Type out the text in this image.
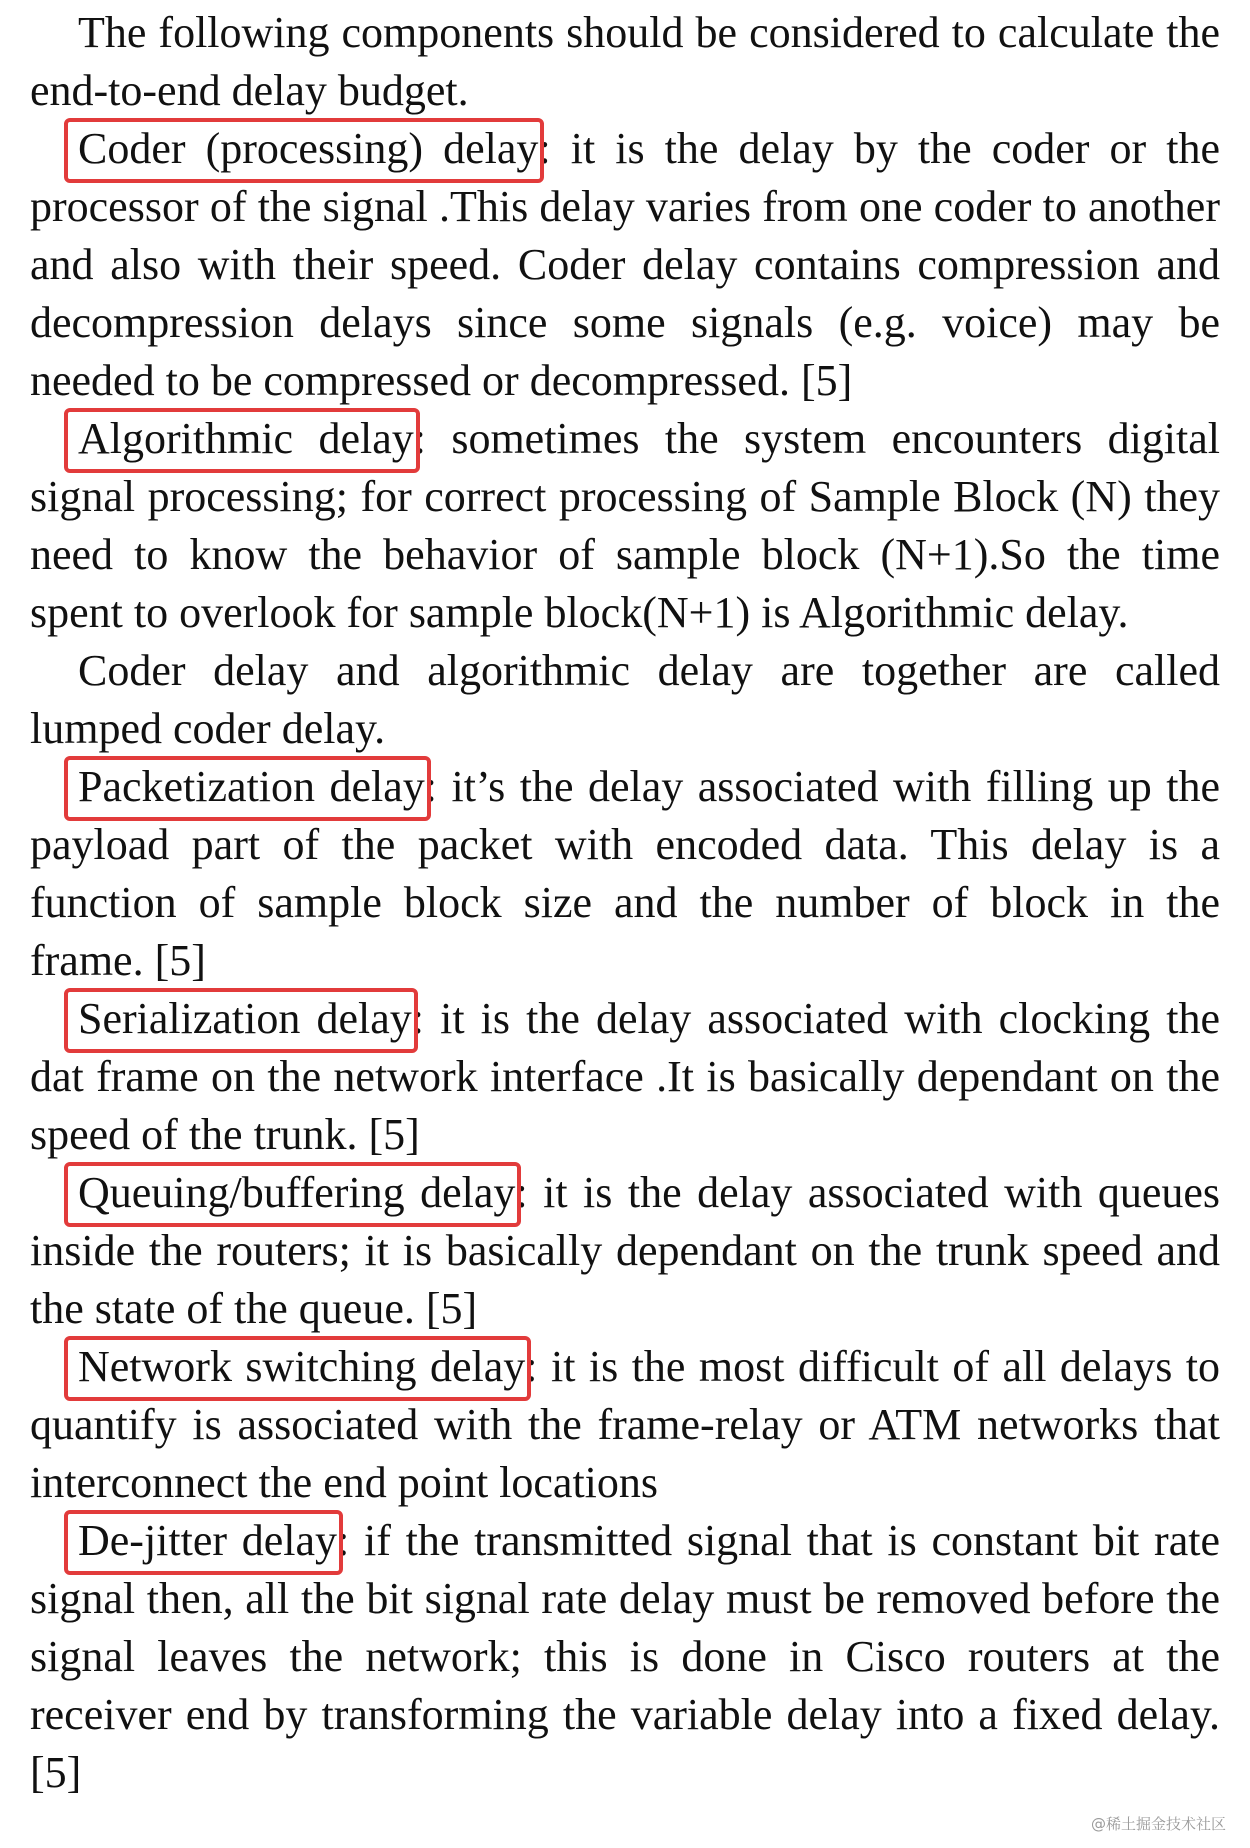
The following components should be considered to calculate the end-to-end delay budget.

Coder (processing) delay: it is the delay by the coder or the processor of the signal .This delay varies from one coder to another and also with their speed. Coder delay contains compression and decompression delays since some signals (e.g. voice) may be needed to be compressed or decompressed. [5]

Algorithmic delay: sometimes the system encounters digital signal processing; for correct processing of Sample Block (N) they need to know the behavior of sample block (N+1).So the time spent to overlook for sample block(N+1) is Algorithmic delay.

Coder delay and algorithmic delay are together are called lumped coder delay.

Packetization delay: it’s the delay associated with filling up the payload part of the packet with encoded data. This delay is a function of sample block size and the number of block in the frame. [5]

Serialization delay: it is the delay associated with clocking the dat frame on the network interface .It is basically dependant on the speed of the trunk. [5]

Queuing/buffering delay: it is the delay associated with queues inside the routers; it is basically dependant on the trunk speed and the state of the queue. [5]

Network switching delay: it is the most difficult of all delays to quantify is associated with the frame-relay or ATM networks that interconnect the end point locations

De-jitter delay: if the transmitted signal that is constant bit rate signal then, all the bit signal rate delay must be removed before the signal leaves the network; this is done in Cisco routers at the receiver end by transforming the variable delay into a fixed delay. [5]

@稀土掘金技术社区
